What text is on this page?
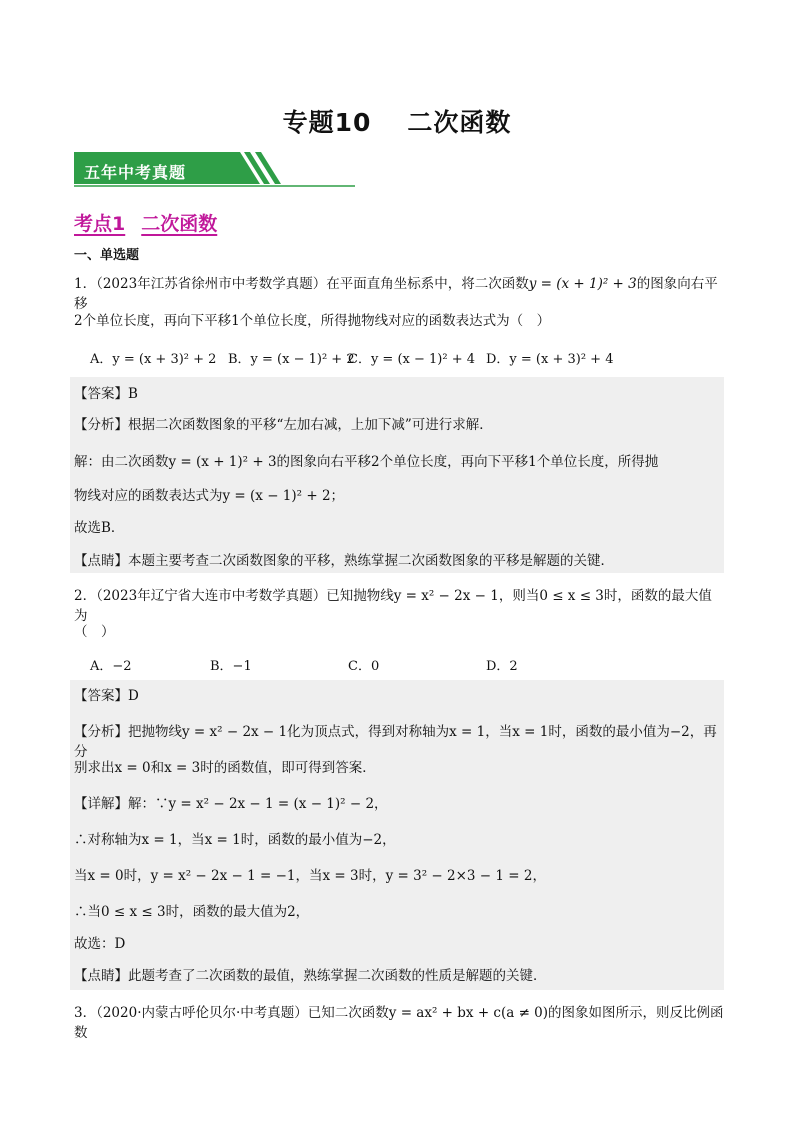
专题10 二次函数
五年中考真题
考点1 二次函数
一、单选题
1．（2023年江苏省徐州市中考数学真题）在平面直角坐标系中，将二次函数y = (x + 1)² + 3的图象向右平移
2个单位长度，再向下平移1个单位长度，所得抛物线对应的函数表达式为（　）
A．y = (x + 3)² + 2 B．y = (x − 1)² + 2
C．y = (x − 1)² + 4 D．y = (x + 3)² + 4
【答案】B
【分析】根据二次函数图象的平移“左加右减，上加下减”可进行求解．
解：由二次函数y = (x + 1)² + 3的图象向右平移2个单位长度，再向下平移1个单位长度，所得抛
物线对应的函数表达式为y = (x − 1)² + 2；
故选B．
【点睛】本题主要考查二次函数图象的平移，熟练掌握二次函数图象的平移是解题的关键．
2．（2023年辽宁省大连市中考数学真题）已知抛物线y = x² − 2x − 1，则当0 ≤ x ≤ 3时，函数的最大值为
（　）
A．−2	B．−1	C．0	D．2
【答案】D
【分析】把抛物线y = x² − 2x − 1化为顶点式，得到对称轴为x = 1，当x = 1时，函数的最小值为−2，再分
别求出x = 0和x = 3时的函数值，即可得到答案．
【详解】解：∵y = x² − 2x − 1 = (x − 1)² − 2，
∴对称轴为x = 1，当x = 1时，函数的最小值为−2，
当x = 0时，y = x² − 2x − 1 = −1，当x = 3时，y = 3² − 2×3 − 1 = 2，
∴当0 ≤ x ≤ 3时，函数的最大值为2，
故选：D
【点睛】此题考查了二次函数的最值，熟练掌握二次函数的性质是解题的关键．
3．（2020·内蒙古呼伦贝尔·中考真题）已知二次函数y = ax² + bx + c(a ≠ 0)的图象如图所示，则反比例函数
